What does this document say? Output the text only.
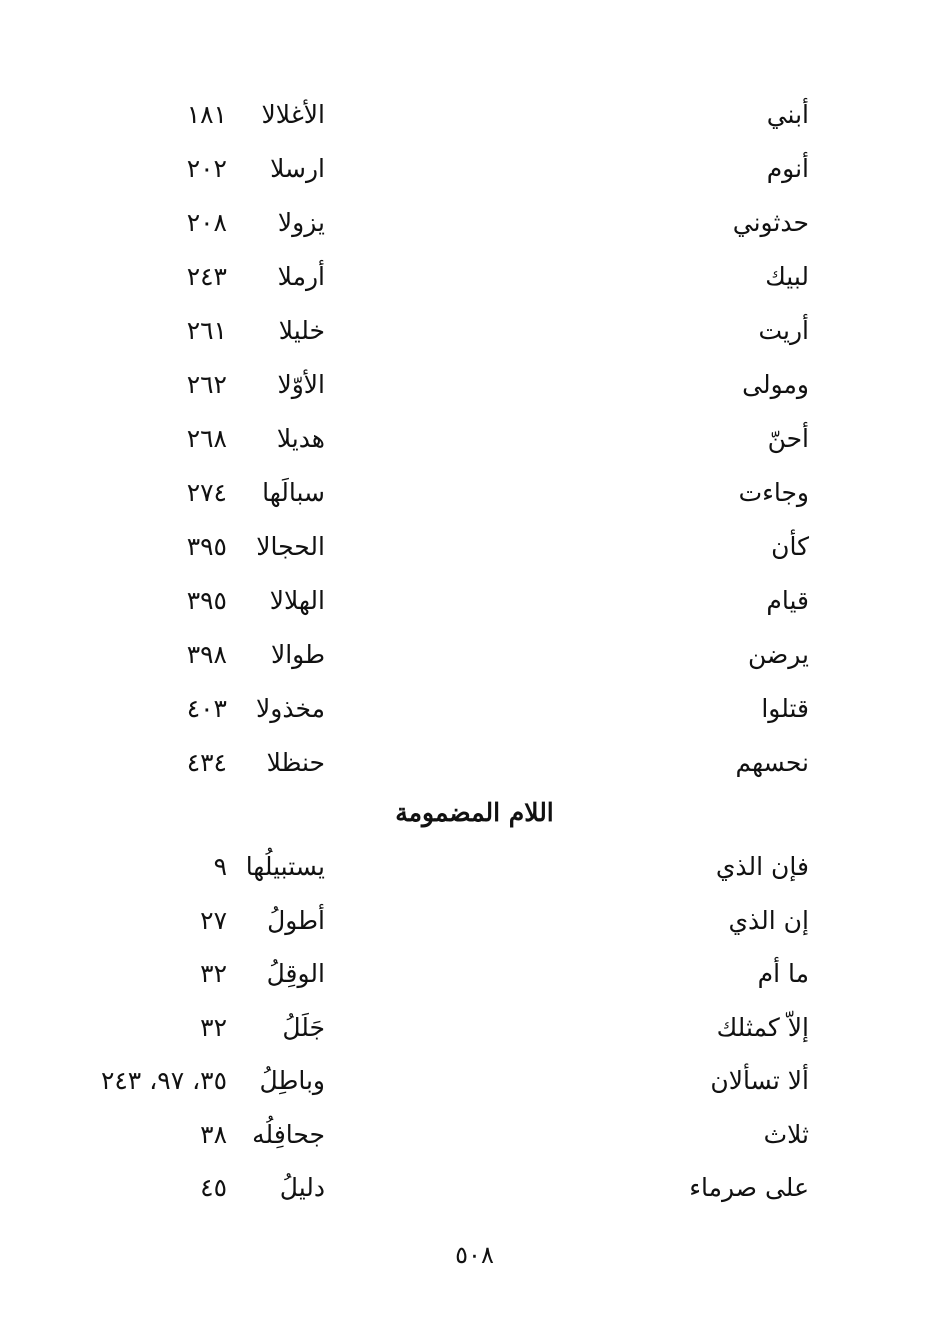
أبني
الأغلالا
١٨١
أنوم
ارسلا
٢٠٢
حدثوني
يزولا
٢٠٨
لبيك
أرملا
٢٤٣
أريت
خليلا
٢٦١
ومولى
الأوّلا
٢٦٢
أحنّ
هديلا
٢٦٨
وجاءت
سبالَها
٢٧٤
كأن
الحجالا
٣٩٥
قيام
الهلالا
٣٩٥
يرضن
طوالا
٣٩٨
قتلوا
مخذولا
٤٠٣
نحسهم
حنظلا
٤٣٤
اللام المضمومة
فإن الذي
يستبيلُها
٩
إن الذي
أطولُ
٢٧
ما أم
الوقِلُ
٣٢
إلاّ كمثلك
جَلَلُ
٣٢
ألا تسألان
وباطِلُ
٣٥، ٩٧، ٢٤٣
ثلاث
جحافِلُه
٣٨
على صرماء
دليلُ
٤٥
٥٠٨
